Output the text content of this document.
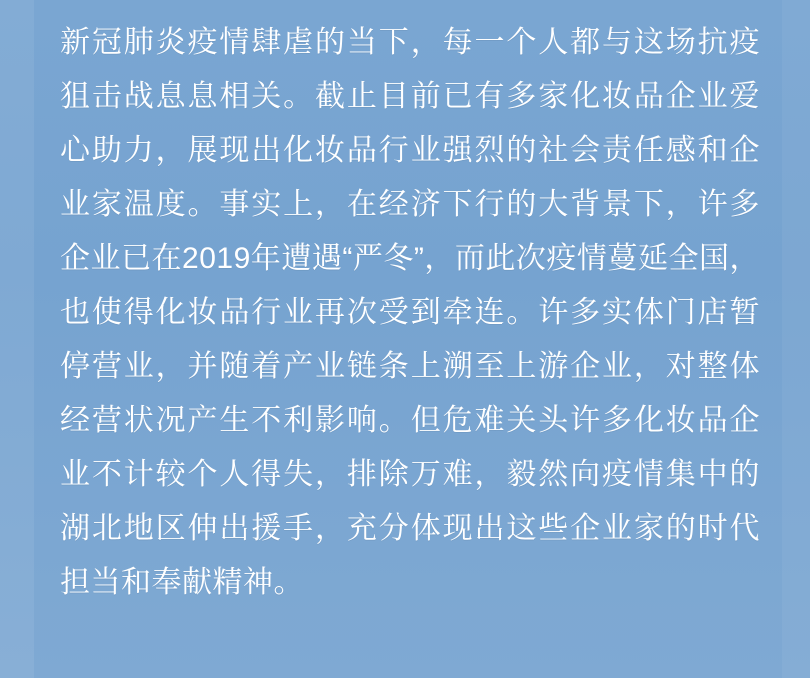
新冠肺炎疫情肆虐的当下，每一个人都与这场抗疫狙击战息息相关。截止目前已有多家化妆品企业爱心助力，展现出化妆品行业强烈的社会责任感和企业家温度。事实上，在经济下行的大背景下，许多企业已在2019年遭遇“严冬”，而此次疫情蔓延全国，也使得化妆品行业再次受到牵连。许多实体门店暂停营业，并随着产业链条上溯至上游企业，对整体经营状况产生不利影响。但危难关头许多化妆品企业不计较个人得失，排除万难，毅然向疫情集中的湖北地区伸出援手，充分体现出这些企业家的时代担当和奉献精神。
